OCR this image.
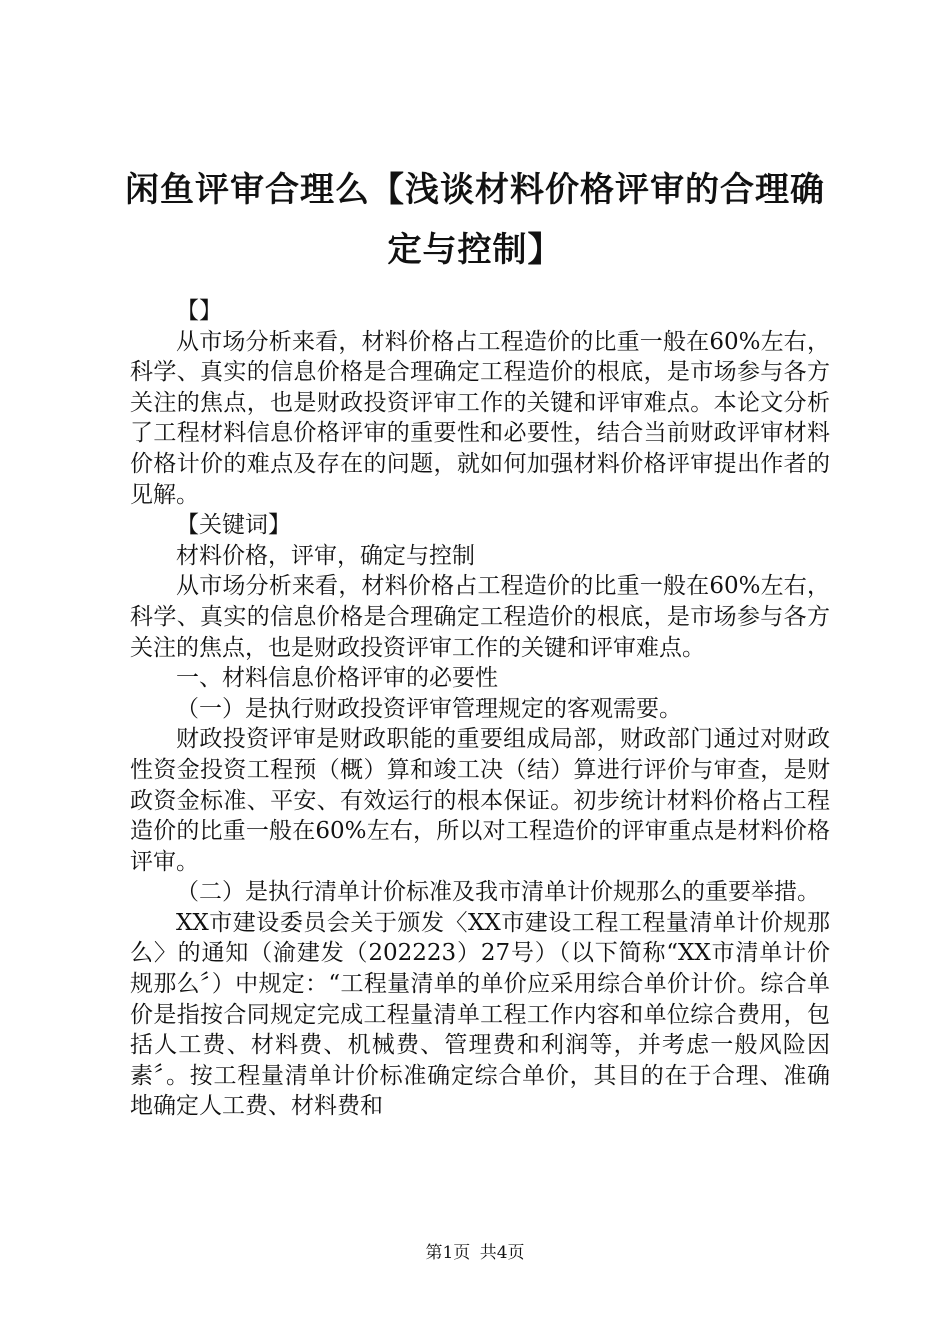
闲鱼评审合理么【浅谈材料价格评审的合理确定与控制】

【】

从市场分析来看，材料价格占工程造价的比重一般在60%左右，科学、真实的信息价格是合理确定工程造价的根底，是市场参与各方关注的焦点，也是财政投资评审工作的关键和评审难点。本论文分析了工程材料信息价格评审的重要性和必要性，结合当前财政评审材料价格计价的难点及存在的问题，就如何加强材料价格评审提出作者的见解。

【关键词】

材料价格，评审，确定与控制

从市场分析来看，材料价格占工程造价的比重一般在60%左右，科学、真实的信息价格是合理确定工程造价的根底，是市场参与各方关注的焦点，也是财政投资评审工作的关键和评审难点。

一、材料信息价格评审的必要性

（一）是执行财政投资评审管理规定的客观需要。

财政投资评审是财政职能的重要组成局部，财政部门通过对财政性资金投资工程预（概）算和竣工决（结）算进行评价与审查，是财政资金标准、平安、有效运行的根本保证。初步统计材料价格占工程造价的比重一般在60%左右，所以对工程造价的评审重点是材料价格评审。

（二）是执行清单计价标准及我市清单计价规那么的重要举措。

XX市建设委员会关于颁发〈XX市建设工程工程量清单计价规那么〉的通知（渝建发（202223）27号）（以下简称“XX市清单计价规那么〞）中规定：“工程量清单的单价应采用综合单价计价。综合单价是指按合同规定完成工程量清单工程工作内容和单位综合费用，包括人工费、材料费、机械费、管理费和利润等，并考虑一般风险因素〞。按工程量清单计价标准确定综合单价，其目的在于合理、准确地确定人工费、材料费和

第1页 共4页
